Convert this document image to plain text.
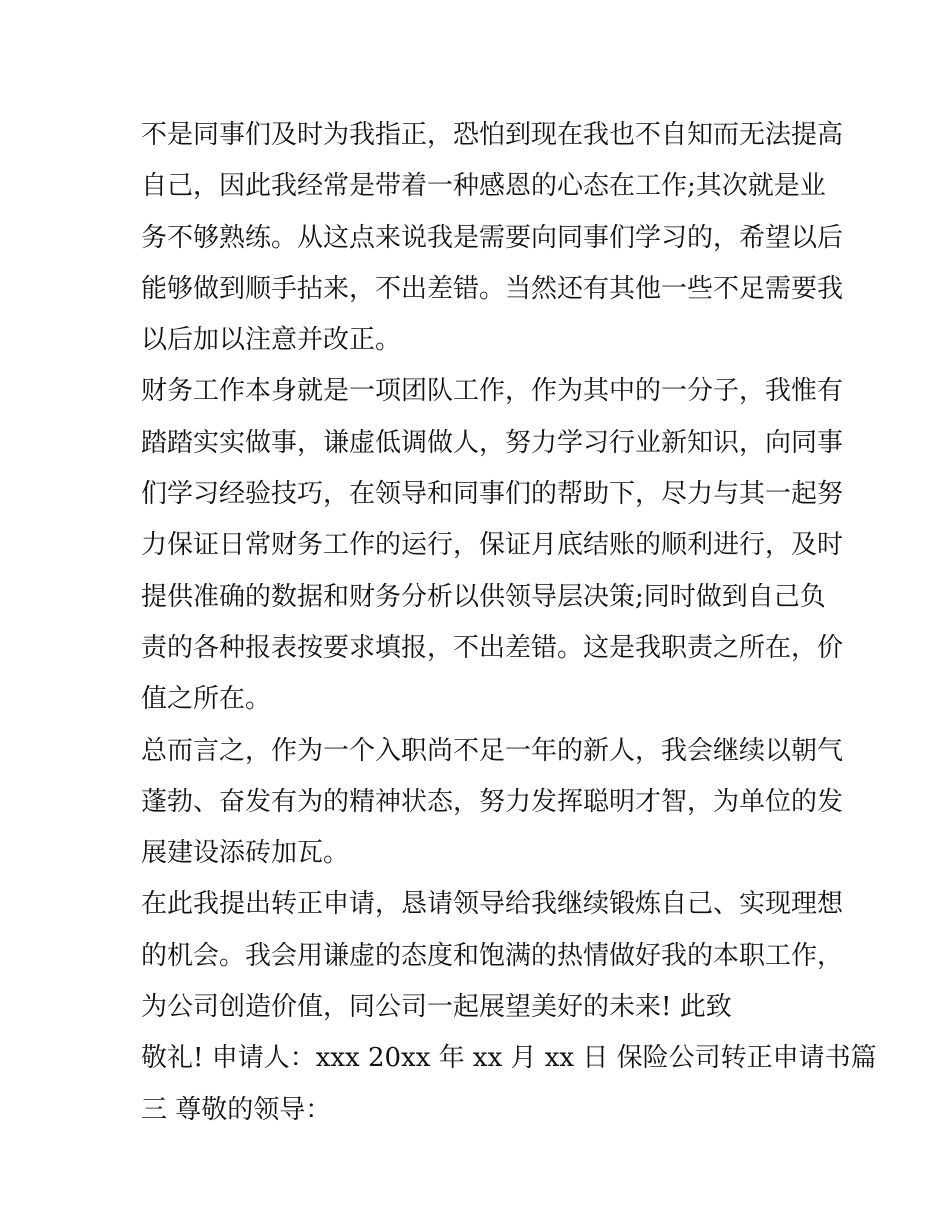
不是同事们及时为我指正，恐怕到现在我也不自知而无法提高
自己，因此我经常是带着一种感恩的心态在工作;其次就是业
务不够熟练。从这点来说我是需要向同事们学习的，希望以后
能够做到顺手拈来，不出差错。当然还有其他一些不足需要我
以后加以注意并改正。
财务工作本身就是一项团队工作，作为其中的一分子，我惟有
踏踏实实做事，谦虚低调做人，努力学习行业新知识，向同事
们学习经验技巧，在领导和同事们的帮助下，尽力与其一起努
力保证日常财务工作的运行，保证月底结账的顺利进行，及时
提供准确的数据和财务分析以供领导层决策;同时做到自己负
责的各种报表按要求填报，不出差错。这是我职责之所在，价
值之所在。
总而言之，作为一个入职尚不足一年的新人，我会继续以朝气
蓬勃、奋发有为的精神状态，努力发挥聪明才智，为单位的发
展建设添砖加瓦。
在此我提出转正申请，恳请领导给我继续锻炼自己、实现理想
的机会。我会用谦虚的态度和饱满的热情做好我的本职工作，
为公司创造价值，同公司一起展望美好的未来! 此致
敬礼! 申请人：xxx 20xx 年 xx 月 xx 日 保险公司转正申请书篇
三 尊敬的领导：
